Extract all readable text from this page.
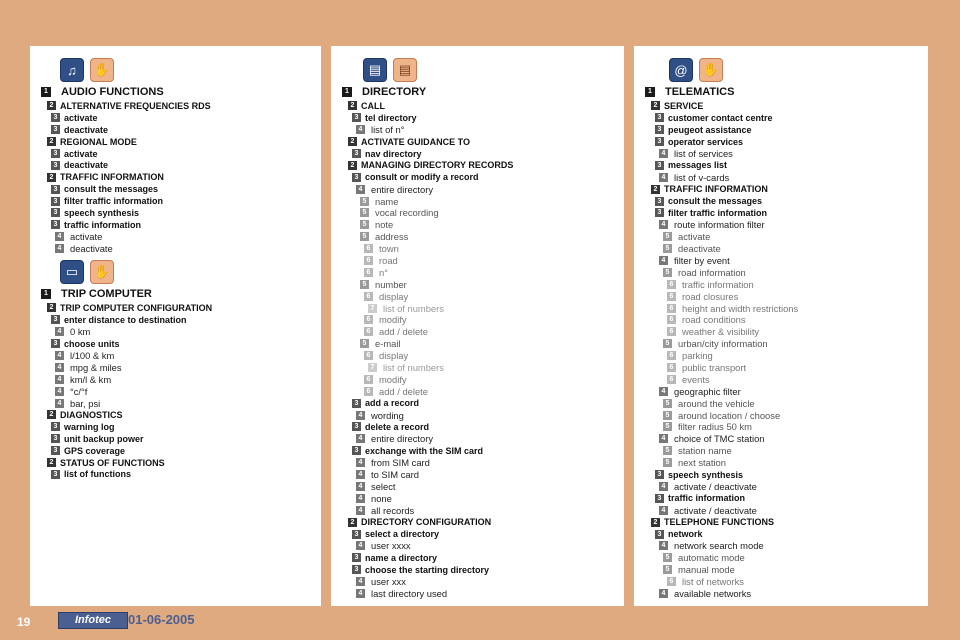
♫	✋
1 AUDIO FUNCTIONS
2 ALTERNATIVE FREQUENCIES RDS
3 activate
3 deactivate
2 REGIONAL MODE
3 activate
3 deactivate
2 TRAFFIC INFORMATION
3 consult the messages
3 filter traffic information
3 speech synthesis
3 traffic information
4 activate
4 deactivate
▭	✋
1 TRIP COMPUTER
2 TRIP COMPUTER CONFIGURATION
3 enter distance to destination
4 0 km
3 choose units
4 l/100 & km
4 mpg & miles
4 km/l & km
4 °c/°f
4 bar, psi
2 DIAGNOSTICS
3 warning log
3 unit backup power
3 GPS coverage
2 STATUS OF FUNCTIONS
3 list of functions
▤	▤
1 DIRECTORY
2 CALL
3 tel directory
4 list of n°
2 ACTIVATE GUIDANCE TO
3 nav directory
2 MANAGING DIRECTORY RECORDS
3 consult or modify a record
4 entire directory
5 name
5 vocal recording
5 note
5 address
6 town
6 road
6 n°
5 number
6 display
7 list of numbers
6 modify
6 add / delete
5 e-mail
6 display
7 list of numbers
6 modify
6 add / delete
3 add a record
4 wording
3 delete a record
4 entire directory
3 exchange with the SIM card
4 from SIM card
4 to SIM card
4 select
4 none
4 all records
2 DIRECTORY CONFIGURATION
3 select a directory
4 user xxxx
3 name a directory
3 choose the starting directory
4 user xxx
4 last directory used
@	✋
1 TELEMATICS
2 SERVICE
3 customer contact centre
3 peugeot assistance
3 operator services
4 list of services
3 messages list
4 list of v-cards
2 TRAFFIC INFORMATION
3 consult the messages
3 filter traffic information
4 route information filter
5 activate
5 deactivate
4 filter by event
5 road information
6 traffic information
6 road closures
6 height and width restrictions
6 road conditions
6 weather & visibility
5 urban/city information
6 parking
6 public transport
6 events
4 geographic filter
5 around the vehicle
5 around location / choose
5 filter radius 50 km
4 choice of TMC station
5 station name
5 next station
3 speech synthesis
4 activate / deactivate
3 traffic information
4 activate / deactivate
2 TELEPHONE FUNCTIONS
3 network
4 network search mode
5 automatic mode
5 manual mode
6 list of networks
4 available networks
19	Infotec	01-06-2005
